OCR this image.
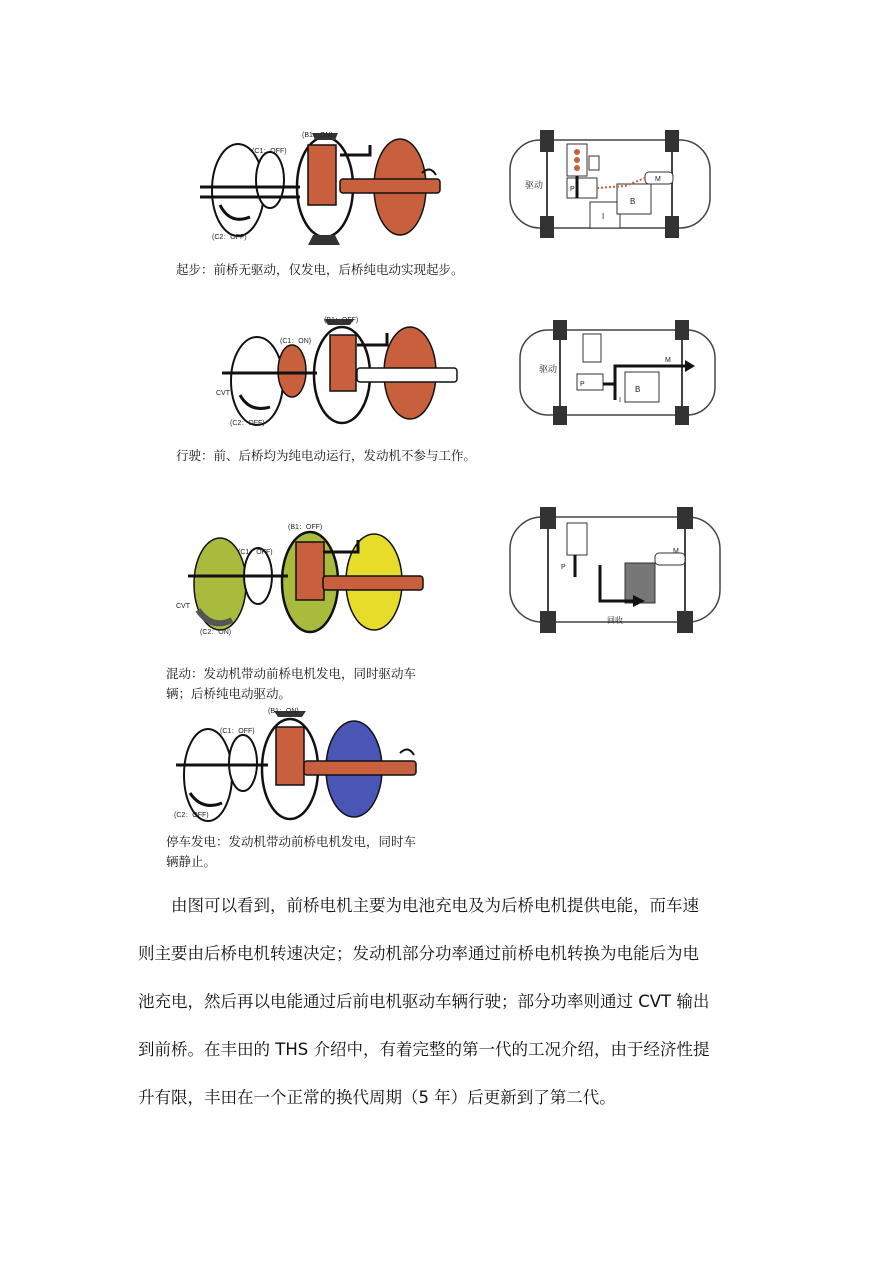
(B1：ON)
(C1：OFF)
(C2：OFF)
驱动
I
B
M
P
起步：前桥无驱动，仅发电，后桥纯电动实现起步。
(B1：OFF)
(C1：ON)
(C2：OFF)
CVT
驱动
B
I
M
P
行驶：前、后桥均为纯电动运行，发动机不参与工作。
(B1：OFF)
(C1：OFF)
(C2：ON)
CVT
回收
M
P
混动：发动机带动前桥电机发电，同时驱动车
辆；后桥纯电动驱动。
(B1：ON)
(C1：OFF)
(C2：OFF)
停车发电：发动机带动前桥电机发电，同时车
辆静止。
由图可以看到，前桥电机主要为电池充电及为后桥电机提供电能，而车速
则主要由后桥电机转速决定；发动机部分功率通过前桥电机转换为电能后为电
池充电，然后再以电能通过后前电机驱动车辆行驶；部分功率则通过 CVT 输出
到前桥。在丰田的 THS 介绍中，有着完整的第一代的工况介绍，由于经济性提
升有限，丰田在一个正常的换代周期（5 年）后更新到了第二代。
